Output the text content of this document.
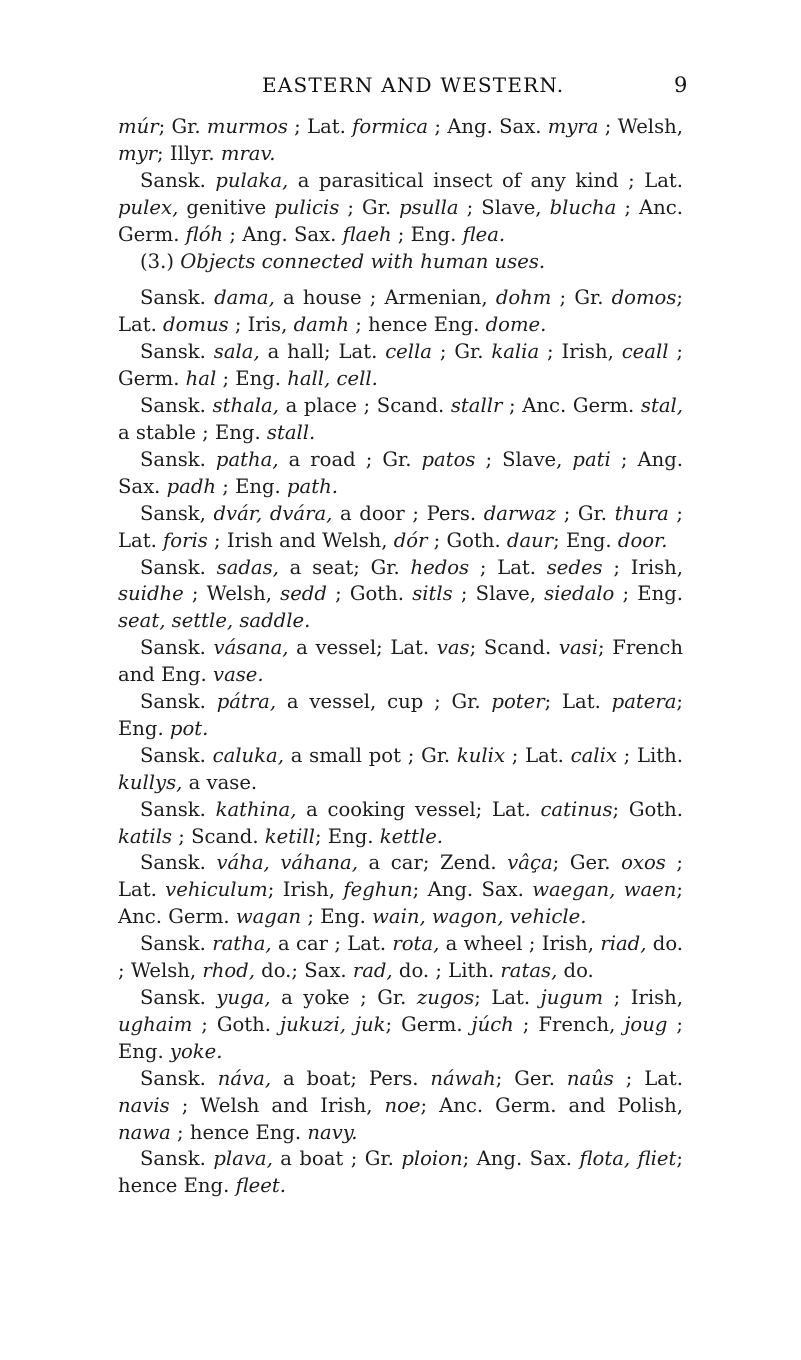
EASTERN AND WESTERN.	9

múr; Gr. murmos ; Lat. formica ; Ang. Sax. myra ; Welsh, myr; Illyr. mrav.

Sansk. pulaka, a parasitical insect of any kind ; Lat. pulex, genitive pulicis ; Gr. psulla ; Slave, blucha ; Anc. Germ. flóh ; Ang. Sax. flaeh ; Eng. flea.

(3.) Objects connected with human uses.

Sansk. dama, a house ; Armenian, dohm ; Gr. domos; Lat. domus ; Iris, damh ; hence Eng. dome.

Sansk. sala, a hall; Lat. cella ; Gr. kalia ; Irish, ceall ; Germ. hal ; Eng. hall, cell.

Sansk. sthala, a place ; Scand. stallr ; Anc. Germ. stal, a stable ; Eng. stall.

Sansk. patha, a road ; Gr. patos ; Slave, pati ; Ang. Sax. padh ; Eng. path.

Sansk, dvár, dvára, a door ; Pers. darwaz ; Gr. thura ; Lat. foris ; Irish and Welsh, dór ; Goth. daur; Eng. door.

Sansk. sadas, a seat; Gr. hedos ; Lat. sedes ; Irish, suidhe ; Welsh, sedd ; Goth. sitls ; Slave, siedalo ; Eng. seat, settle, saddle.

Sansk. vásana, a vessel; Lat. vas; Scand. vasi; French and Eng. vase.

Sansk. pátra, a vessel, cup ; Gr. poter; Lat. patera; Eng. pot.

Sansk. caluka, a small pot ; Gr. kulix ; Lat. calix ; Lith. kullys, a vase.

Sansk. kathina, a cooking vessel; Lat. catinus; Goth. katils ; Scand. ketill; Eng. kettle.

Sansk. váha, váhana, a car; Zend. vâça; Ger. oxos ; Lat. vehiculum; Irish, feghun; Ang. Sax. waegan, waen; Anc. Germ. wagan ; Eng. wain, wagon, vehicle.

Sansk. ratha, a car ; Lat. rota, a wheel ; Irish, riad, do. ; Welsh, rhod, do.; Sax. rad, do. ; Lith. ratas, do.

Sansk. yuga, a yoke ; Gr. zugos; Lat. jugum ; Irish, ughaim ; Goth. jukuzi, juk; Germ. júch ; French, joug ; Eng. yoke.

Sansk. náva, a boat; Pers. náwah; Ger. naûs ; Lat. navis ; Welsh and Irish, noe; Anc. Germ. and Polish, nawa ; hence Eng. navy.

Sansk. plava, a boat ; Gr. ploion; Ang. Sax. flota, fliet; hence Eng. fleet.
